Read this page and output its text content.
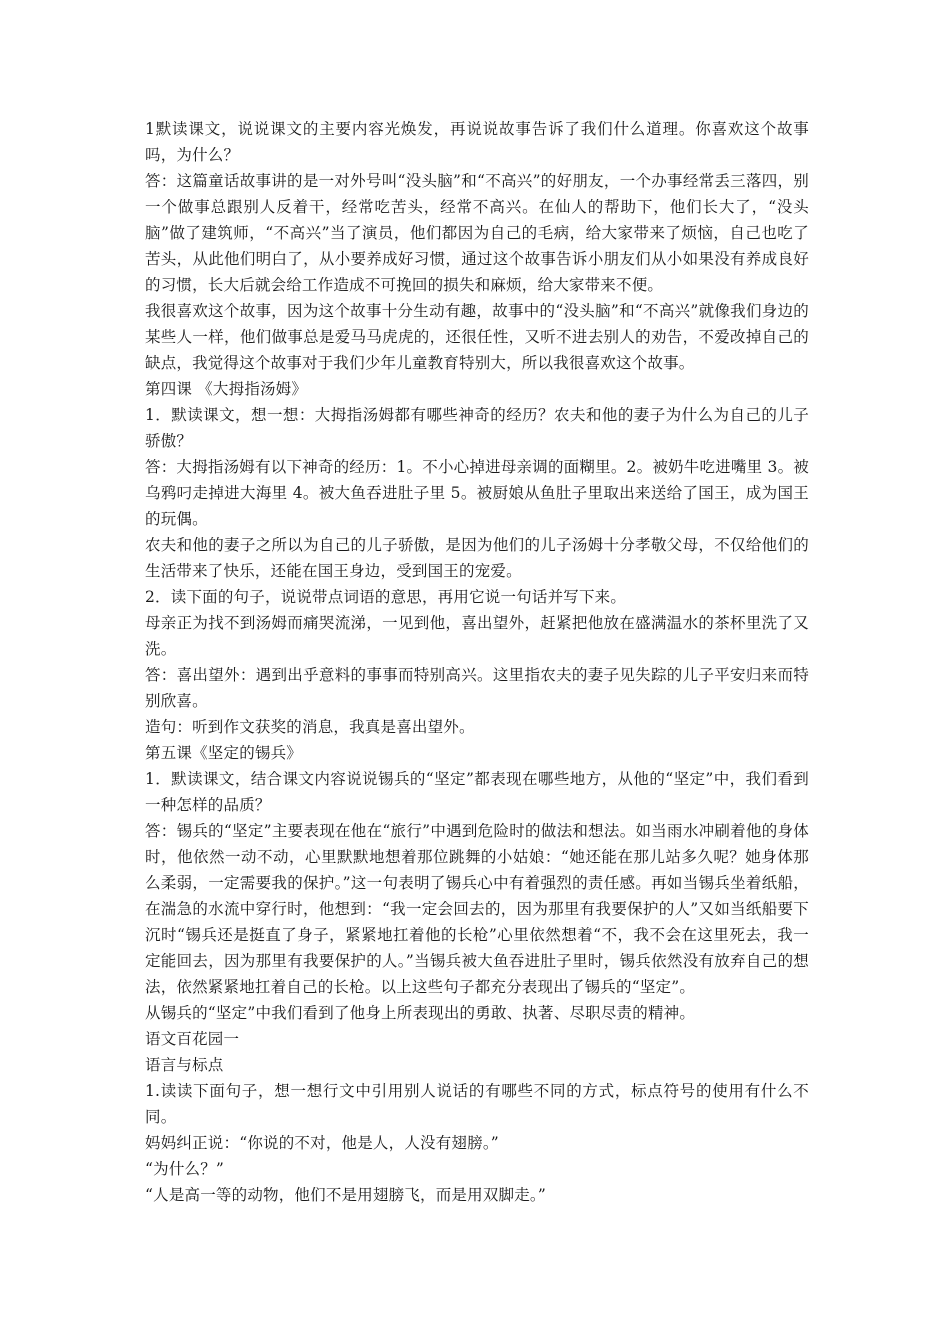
1默读课文，说说课文的主要内容光焕发，再说说故事告诉了我们什么道理。你喜欢这个故事吗，为什么？

答：这篇童话故事讲的是一对外号叫“没头脑”和“不高兴”的好朋友，一个办事经常丢三落四，别一个做事总跟别人反着干，经常吃苦头，经常不高兴。在仙人的帮助下，他们长大了，“没头脑”做了建筑师，“不高兴”当了演员，他们都因为自己的毛病，给大家带来了烦恼，自己也吃了苦头，从此他们明白了，从小要养成好习惯，通过这个故事告诉小朋友们从小如果没有养成良好的习惯，长大后就会给工作造成不可挽回的损失和麻烦，给大家带来不便。

我很喜欢这个故事，因为这个故事十分生动有趣，故事中的“没头脑”和“不高兴”就像我们身边的某些人一样，他们做事总是爱马马虎虎的，还很任性，又听不进去别人的劝告，不爱改掉自己的缺点，我觉得这个故事对于我们少年儿童教育特别大，所以我很喜欢这个故事。

第四课 《大拇指汤姆》

1．默读课文，想一想：大拇指汤姆都有哪些神奇的经历？农夫和他的妻子为什么为自己的儿子骄傲？

答：大拇指汤姆有以下神奇的经历：1。不小心掉进母亲调的面糊里。2。被奶牛吃进嘴里 3。被乌鸦叼走掉进大海里 4。被大鱼吞进肚子里 5。被厨娘从鱼肚子里取出来送给了国王，成为国王的玩偶。

农夫和他的妻子之所以为自己的儿子骄傲，是因为他们的儿子汤姆十分孝敬父母，不仅给他们的生活带来了快乐，还能在国王身边，受到国王的宠爱。

2．读下面的句子，说说带点词语的意思，再用它说一句话并写下来。

母亲正为找不到汤姆而痛哭流涕，一见到他，喜出望外，赶紧把他放在盛满温水的茶杯里洗了又洗。

答：喜出望外：遇到出乎意料的事事而特别高兴。这里指农夫的妻子见失踪的儿子平安归来而特别欣喜。

造句：听到作文获奖的消息，我真是喜出望外。

第五课《坚定的锡兵》

1．默读课文，结合课文内容说说锡兵的“坚定”都表现在哪些地方，从他的“坚定”中，我们看到一种怎样的品质？

答：锡兵的“坚定”主要表现在他在“旅行”中遇到危险时的做法和想法。如当雨水冲刷着他的身体时，他依然一动不动，心里默默地想着那位跳舞的小姑娘：“她还能在那儿站多久呢？她身体那么柔弱，一定需要我的保护。”这一句表明了锡兵心中有着强烈的责任感。再如当锡兵坐着纸船，在湍急的水流中穿行时，他想到：“我一定会回去的，因为那里有我要保护的人”又如当纸船要下沉时“锡兵还是挺直了身子，紧紧地扛着他的长枪”心里依然想着“不，我不会在这里死去，我一定能回去，因为那里有我要保护的人。”当锡兵被大鱼吞进肚子里时，锡兵依然没有放弃自己的想法，依然紧紧地扛着自己的长枪。以上这些句子都充分表现出了锡兵的“坚定”。

从锡兵的“坚定”中我们看到了他身上所表现出的勇敢、执著、尽职尽责的精神。

语文百花园一

语言与标点

1.读读下面句子，想一想行文中引用别人说话的有哪些不同的方式，标点符号的使用有什么不同。

妈妈纠正说：“你说的不对，他是人，人没有翅膀。”

“为什么？”

“人是高一等的动物，他们不是用翅膀飞，而是用双脚走。”
